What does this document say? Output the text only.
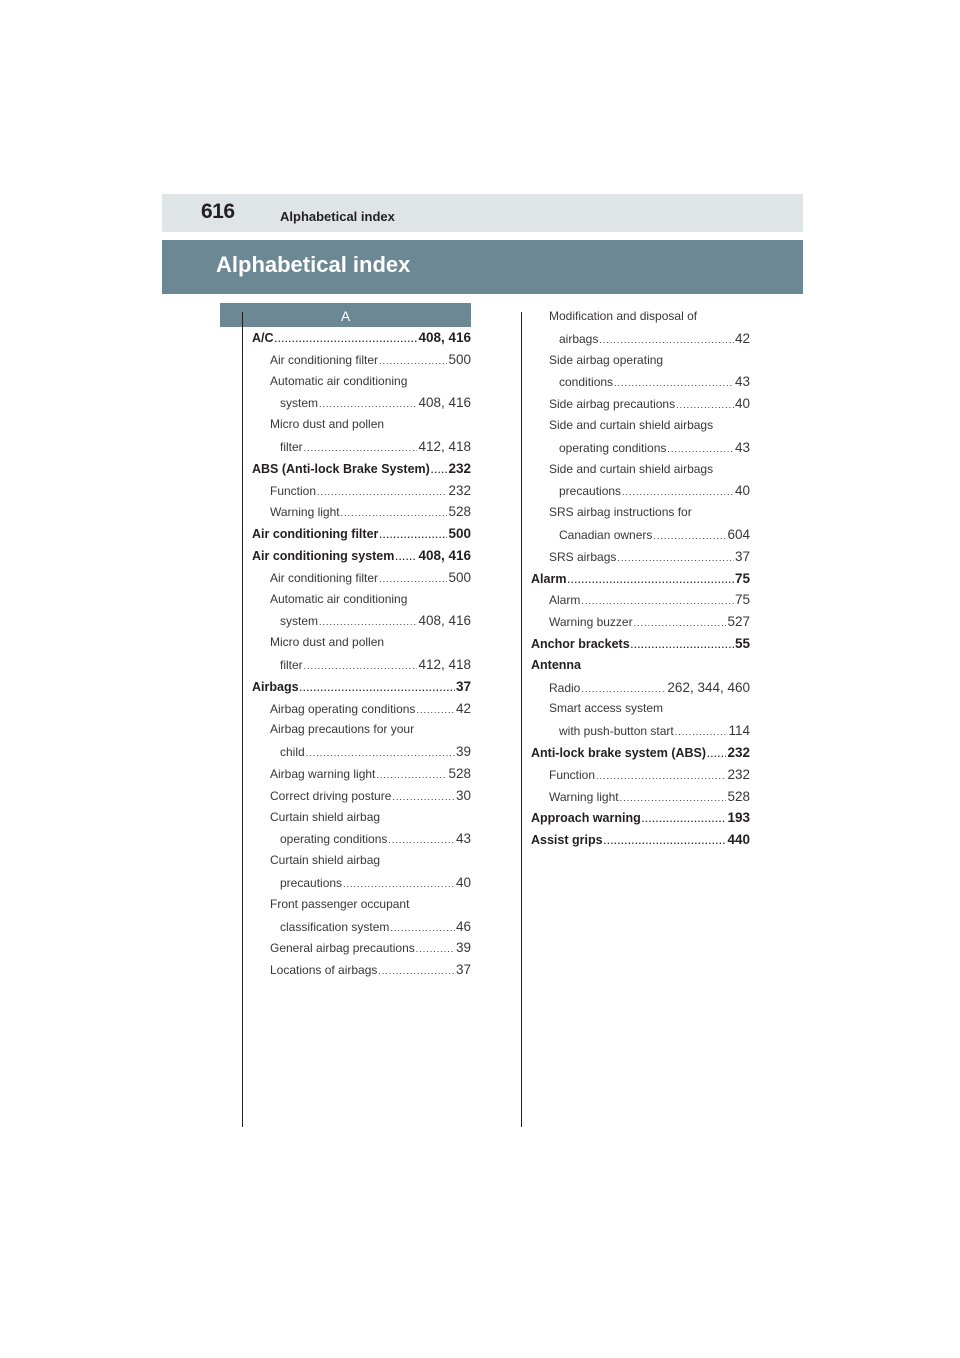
616	Alphabetical index
Alphabetical index
A
A/C .....	408, 416
Air conditioning filter .....	500
Automatic air conditioning
system .....	408, 416
Micro dust and pollen
filter .....	412, 418
ABS (Anti-lock Brake System) ..... 232
Function .....	232
Warning light .....	528
Air conditioning filter .....	500
Air conditioning system ..... 408, 416
Air conditioning filter .....	500
Automatic air conditioning
system .....	408, 416
Micro dust and pollen
filter .....	412, 418
Airbags .....	37
Airbag operating conditions .....	42
Airbag precautions for your
child .....	39
Airbag warning light .....	528
Correct driving posture .....	30
Curtain shield airbag
operating conditions .....	43
Curtain shield airbag
precautions .....	40
Front passenger occupant
classification system .....	46
General airbag precautions .....	39
Locations of airbags .....	37
Modification and disposal of
airbags .....	42
Side airbag operating
conditions .....	43
Side airbag precautions .....	40
Side and curtain shield airbags
operating conditions .....	43
Side and curtain shield airbags
precautions .....	40
SRS airbag instructions for
Canadian owners .....	604
SRS airbags .....	37
Alarm .....	75
Alarm .....	75
Warning buzzer .....	527
Anchor brackets .....	55
Antenna
Radio .....	262, 344, 460
Smart access system
with push-button start .....	114
Anti-lock brake system (ABS) ..... 232
Function .....	232
Warning light .....	528
Approach warning .....	193
Assist grips .....	440
